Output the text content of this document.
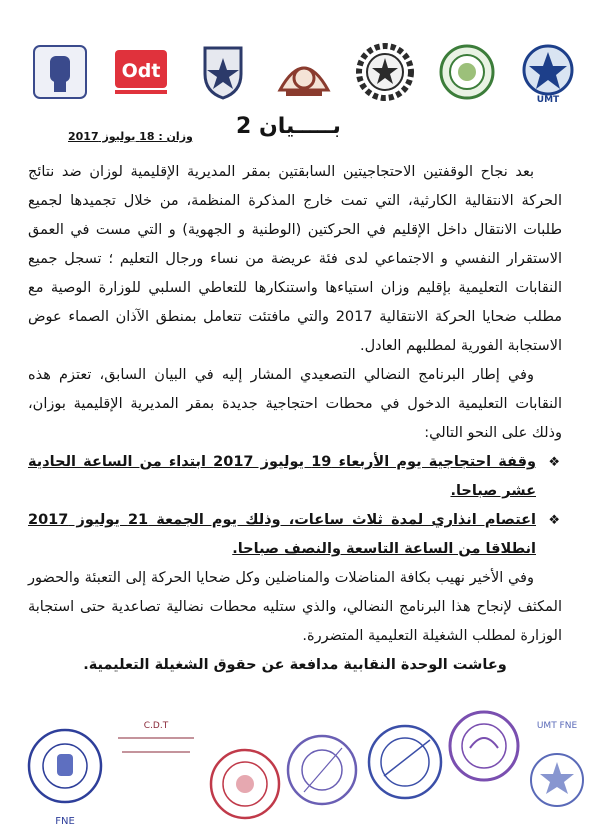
UMT
Odt
بـــــيان 2
وزان : 18 يوليوز 2017

بعد نجاح الوقفتين الاحتجاجيتين السابقتين بمقر المديرية الإقليمية لوزان ضد نتائج الحركة الانتقالية الكارثية، التي تمت خارج المذكرة المنظمة، من خلال تجميدها لجميع طلبات الانتقال داخل الإقليم في الحركتين (الوطنية و الجهوية) و التي مست في العمق الاستقرار النفسي و الاجتماعي لدى فئة عريضة من نساء ورجال التعليم ؛ تسجل جميع النقابات التعليمية بإقليم وزان استياءها واستنكارها للتعاطي السلبي للوزارة الوصية مع مطلب ضحايا الحركة الانتقالية 2017 والتي مافتئت تتعامل بمنطق الآذان الصماء عوض الاستجابة الفورية لمطلبهم العادل.

وفي إطار البرنامج النضالي التصعيدي المشار إليه في البيان السابق، تعتزم هذه النقابات التعليمية الدخول في محطات احتجاجية جديدة بمقر المديرية الإقليمية بوزان، وذلك على النحو التالي:

❖
وقفة احتجاجية يوم الأربعاء 19 يوليوز 2017 ابتداء من الساعة الحادية عشر صباحا.
❖
اعتصام انذاري لمدة ثلاث ساعات، وذلك يوم الجمعة 21 يوليوز 2017 انطلاقا من الساعة التاسعة والنصف صباحا.

وفي الأخير نهيب بكافة المناضلات والمناضلين وكل ضحايا الحركة إلى التعبئة والحضور المكثف لإنجاح هذا البرنامج النضالي، والذي ستليه محطات نضالية تصاعدية حتى استجابة الوزارة لمطلب الشغيلة التعليمية المتضررة.

وعاشت الوحدة النقابية مدافعة عن حقوق الشغيلة التعليمية.

UMT FNE
C.D.T
FNE
